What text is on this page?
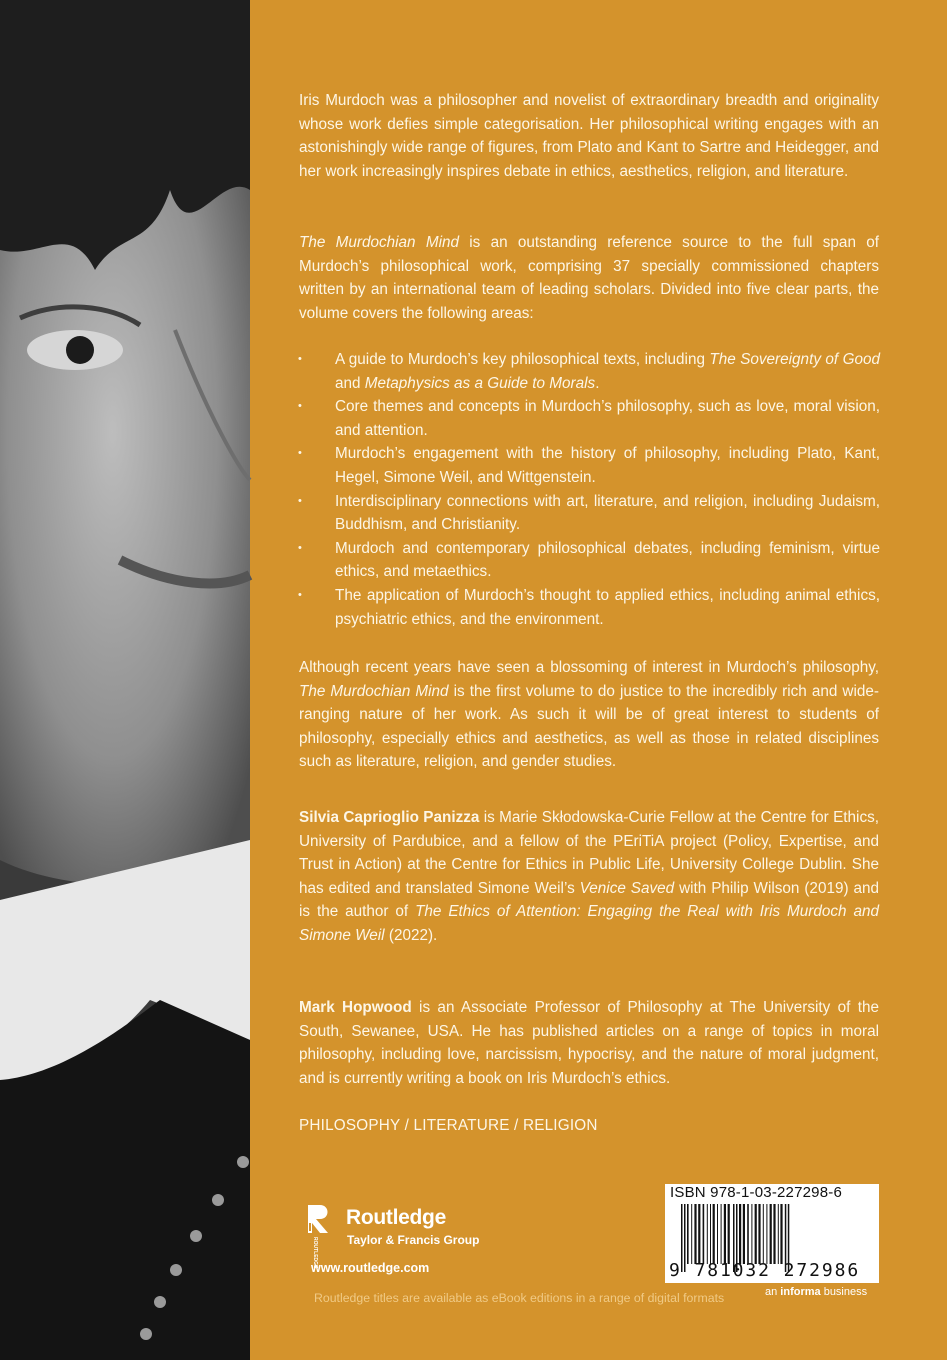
Iris Murdoch was a philosopher and novelist of extraordinary breadth and originality whose work defies simple categorisation. Her philosophical writing engages with an astonishingly wide range of figures, from Plato and Kant to Sartre and Heidegger, and her work increasingly inspires debate in ethics, aesthetics, religion, and literature.

The Murdochian Mind is an outstanding reference source to the full span of Murdoch’s philosophical work, comprising 37 specially commissioned chapters written by an international team of leading scholars. Divided into five clear parts, the volume covers the following areas:

• A guide to Murdoch’s key philosophical texts, including The Sovereignty of Good and Metaphysics as a Guide to Morals.
• Core themes and concepts in Murdoch’s philosophy, such as love, moral vision, and attention.
• Murdoch’s engagement with the history of philosophy, including Plato, Kant, Hegel, Simone Weil, and Wittgenstein.
• Interdisciplinary connections with art, literature, and religion, including Judaism, Buddhism, and Christianity.
• Murdoch and contemporary philosophical debates, including feminism, virtue ethics, and metaethics.
• The application of Murdoch’s thought to applied ethics, including animal ethics, psychiatric ethics, and the environment.

Although recent years have seen a blossoming of interest in Murdoch’s philosophy, The Murdochian Mind is the first volume to do justice to the incredibly rich and wide-ranging nature of her work. As such it will be of great interest to students of philosophy, especially ethics and aesthetics, as well as those in related disciplines such as literature, religion, and gender studies.

Silvia Caprioglio Panizza is Marie Skłodowska-Curie Fellow at the Centre for Ethics, University of Pardubice, and a fellow of the PEriTiA project (Policy, Expertise, and Trust in Action) at the Centre for Ethics in Public Life, University College Dublin. She has edited and translated Simone Weil’s Venice Saved with Philip Wilson (2019) and is the author of The Ethics of Attention: Engaging the Real with Iris Murdoch and Simone Weil (2022).

Mark Hopwood is an Associate Professor of Philosophy at The University of the South, Sewanee, USA. He has published articles on a range of topics in moral philosophy, including love, narcissism, hypocrisy, and the nature of moral judgment, and is currently writing a book on Iris Murdoch’s ethics.

PHILOSOPHY / LITERATURE / RELIGION
ROUTLEDGE
Routledge
Taylor & Francis Group
www.routledge.com
Routledge titles are available as eBook editions in a range of digital formats
ISBN 978-1-03-227298-6
9 781032 272986
an informa business
